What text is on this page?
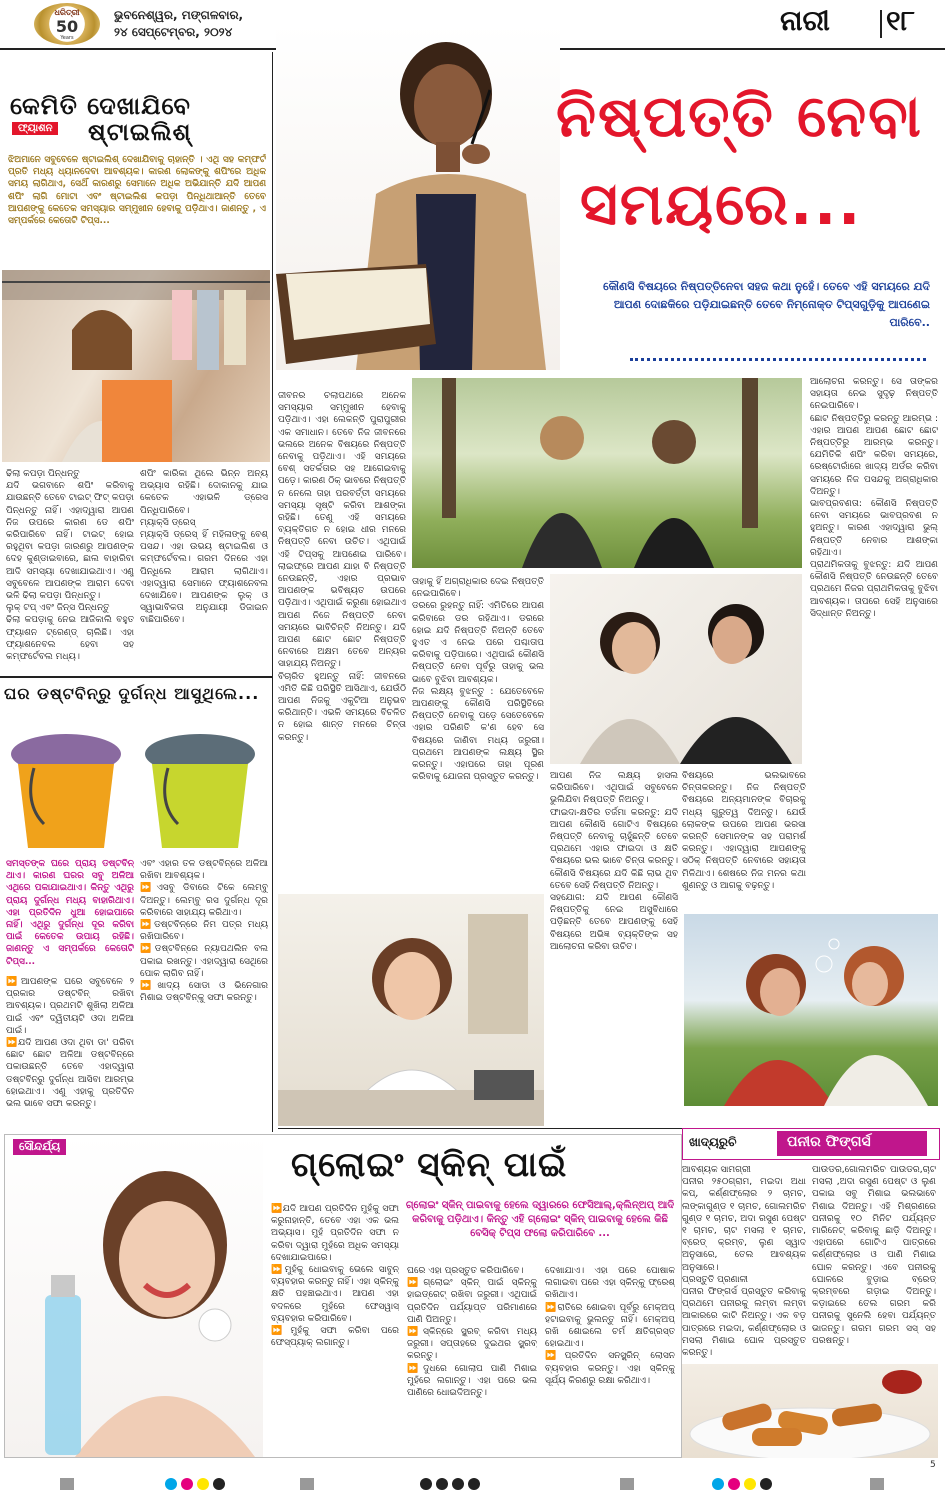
ଧରିତ୍ରୀ
50
Years
ଭୁବନେଶ୍ୱର, ମଙ୍ଗଳବାର,
୨୪ ସେପ୍ଟେମ୍ବର, ୨୦୨୪	ନାରୀ ୧୮
କେମିତି ଦେଖାଯିବେ
ଫ୍ୟାଶନ ଷ୍ଟାଇଲିଶ୍
ଝିଅମାନେ ସବୁବେଳେ ଷ୍ଟାଇଲିଶ୍ ଦେଖାଯିବାକୁ ଚାହାନ୍ତି । ଏଥି ସହ କମ୍ଫର୍ଟ ପ୍ରତି ମଧ୍ୟ ଧ୍ୟାନଦେବା ଆବଶ୍ୟକ। କାରଣ ଲୋକଙ୍କୁ ଶପିଂରେ ଅଧିକ ସମୟ ଲାଗିଥାଏ, ସେଥିଁ କାରଣରୁ ସେମାନେ ଅଧିକ ଅଭିଯାନ୍ତି ଯଦି ଆପଣ ଶପିଂ ଲାଗି ମୋଟା ଏବଂ ଷ୍ଟାଇଲିଶ କପଡ଼ା ପିନ୍ଧିଥାଆନ୍ତି ତେବେ ଆପଣଙ୍କୁ କେତେକ ସମସ୍ୟାର ସମ୍ମୁଖୀନ ହେବାକୁ ପଡ଼ିଥାଏ। ଜାଣନ୍ତୁ , ଏ ସମ୍ପର୍କରେ କେତୋଟି ଟିପ୍ସ...
ଢିଲା କପଡ଼ା ପିନ୍ଧନ୍ତୁ
ଯଦି ଭଗବାନେ ଶପିଂ କରିବାକୁ ଯାଉଛନ୍ତି ତେବେ ଟାଇଟ୍ ଫିଟ୍ କପଡ଼ା ପିନ୍ଧନ୍ତୁ ନାହିଁ। ଏହାଦ୍ୱାରା ଆପଣ ନିଜ ଉପରେ କାରଣ ଡେ ଶପିଂ କରିପାରିବେ ନାହିଁ। ଟାଇଟ୍ ହୋଇ ରହୁଥିବା କପଡ଼ା ଜାରଣରୁ ଆପଣଙ୍କ ଦେହ କୁଣ୍ଡାଇବାରେ, ଛାଲ ବାହାରିବା ଆଦି ସମସ୍ୟା ଦେଖାଯାଇଥାଏ। ଏଣୁ ସବୁବେଳେ ଆପଣଙ୍କ ଆରାମ ଦେବା ଭଳି ଢିଲା କପଡ଼ା ପିନ୍ଧନ୍ତୁ।
ଲୁକ୍ ଟପ୍ ଏବଂ ଜିନ୍ସ ପିନ୍ଧନ୍ତୁ
ଢିଲା କପଡ଼ାକୁ ନେଇ ଆଜିକାଲି ବହୁତ ଫ୍ୟାଶନ ଟ୍ରେଣ୍ଡ୍ ଚାଲିଛି। ଏହା ଫ୍ୟାଶନେବଲ ହେବା ସହ କମ୍ଫର୍ଟେବଲ ମଧ୍ୟ।
ଶପିଂ କାରିକା ଥିଲେ ଭିନ୍ନ ଅନ୍ୟ ଅଭ୍ୟାସ ରହିଛି। ଦୋକାନକୁ ଯାଇ କେତେକ ଏହାଭଳି ଡ୍ରେସ ପିନ୍ଧିପାରିବେ।
ମ୍ୟାକ୍ସି ଡ୍ରେସ୍
ମ୍ୟାକ୍ସି ଡ୍ରେସ୍ ହିଁ ମହିଳାଙ୍କୁ ବେଶ୍ ପସନ୍ଦ। ଏହା ଉଭୟ ଷ୍ଟାଇଲିଶ ଓ କମ୍ଫର୍ଟେବଲ। ଗରମ ଦିନରେ ଏହା ପିନ୍ଧିଲେ ଆରାମ ଲାଗିଥାଏ। ଏହାଦ୍ୱାରା ସେମାନେ ଫ୍ୟାଶନେବଲ ଦେଖାଯିବେ। ଆପଣଙ୍କ ଲୁକ୍ ଓ ସ୍ୱାଭାବିକତା ଅନୁଯାୟୀ ଡିଜାଇନ ବାଛିପାରିବେ।
ଘର ଡଷ୍ଟବିନ୍‌ରୁ ଦୁର୍ଗନ୍ଧ ଆସୁଥିଲେ...
ସମସ୍ତଙ୍କ ଘରେ ପ୍ରାୟ ଡଷ୍ଟବିନ୍ ଥାଏ। କାରଣ ଘରର ସବୁ ଅଳିଆ ଏଥିରେ ପକାଯାଇଥାଏ। କିନ୍ତୁ ଏଥିରୁ ପ୍ରାୟ ଦୁର୍ଗନ୍ଧ ମଧ୍ୟ ବାହାରିଥାଏ। ଏହା ପ୍ରତିଦିନ ଧୁଆ ହୋଇପାରେ ନାହିଁ। ଏଥିରୁ ଦୁର୍ଗନ୍ଧ ଦୂର କରିବା ପାଇଁ କେତେକ ଉପାୟ ରହିଛି। ଜାଣନ୍ତୁ ଏ ସମ୍ପର୍କରେ କେତୋଟି ଟିପ୍ସ...
⏩ଆପଣଙ୍କ ଘରେ ସବୁବେଳେ ୨ ପ୍ରକାର ଡଷ୍ଟବିନ୍ ରଖିବା ଆବଶ୍ୟକ। ପ୍ରଥମଟି ଶୁଖିଲା ଅଳିଆ ପାଇଁ ଏବଂ ଦ୍ୱିତୀୟଟି ଓଦା ଅଳିଆ ପାଇଁ।
⏩ଯଦି ଆପଣ ଓଦା ଥିବା ଡା' ପରିବା ଛୋଟ ଛୋଟ ଅଳିଆ ଡଷ୍ଟବିନ୍‌ରେ ପକାଉଛନ୍ତି ତେବେ ଏହାଦ୍ୱାରା ଡଷ୍ଟବିନ୍‌ରୁ ଦୁର୍ଗନ୍ଧ ଆସିବା ଆରମ୍ଭ ହୋଇଥାଏ। ଏଣୁ ଏହାକୁ ପ୍ରତିଦିନ ଭଲ ଭାବେ ସଫା କରନ୍ତୁ।
ଏବଂ ଏହାର ତଳ ଡଷ୍ଟବିନ୍‌ରେ ଅଳିଆ ରଖିବା ଆବଶ୍ୟକ।
⏩ଏସବୁ ଡିବାରେ ଟିକେ ଲେମ୍ବୁ ଦିଅନ୍ତୁ। ଲେମ୍ବୁ ରସ ଦୁର୍ଗନ୍ଧ ଦୂର କରିବାରେ ସାହାଯ୍ୟ କରିଥାଏ।
⏩ଡଷ୍ଟବିନ୍‌ରେ ନିମ ପତ୍ର ମଧ୍ୟ ରଖିପାରିବେ।
⏩ଡଷ୍ଟବିନ୍‌ରେ ନ୍ୟାପଥଲିନ ବଲ ପକାଇ ରଖନ୍ତୁ। ଏହାଦ୍ୱାରା ସେଥିରେ ପୋକ ଲାଗିବ ନାହିଁ।
⏩ଖାଦ୍ୟ ସୋଡା ଓ ଭିନେଗାର ମିଶାଇ ଡଷ୍ଟବିନ୍‌କୁ ସଫା କରନ୍ତୁ।
ନିଷ୍ପତ୍ତି ନେବା
ସମୟରେ...
କୌଣସି ବିଷୟରେ ନିଷ୍ପତ୍ତିନେବା ସହଜ କଥା ନୁହେଁ। ତେବେ ଏହି ସମୟରେ ଯଦି ଆପଣ ଦୋଛକିରେ ପଡ଼ିଯାଇଛନ୍ତି ତେବେ ନିମ୍ନୋକ୍ତ ଟିପ୍ସଗୁଡ଼ିକୁ ଆପଣେଇ ପାରିବେ..
ଜୀବନର ଚଲାପଥରେ ଅନେକ ସମସ୍ୟାର ସମ୍ମୁଖୀନ ହେବାକୁ ପଡ଼ିଥାଏ। ଏହା ଲେକନ୍ତି ପୁରାପୁରୀର ଏକ ସମାଧାନ। ତେବେ ନିଜ ଜୀବନରେ ଭଲରେ ଅନେକ ବିଷୟରେ ନିଷ୍ପତ୍ତି ନେବାକୁ ପଡ଼ିଥାଏ। ଏହି ସମୟରେ ବେଶ୍ ସତର୍କତାର ସହ ଆଗେଇବାକୁ ପଡ଼େ। କାରଣ ଠିକ୍ ଭାବରେ ନିଷ୍ପତ୍ତି ନ ନେଲେ ତାହା ପରବର୍ତ୍ତୀ ସମୟରେ ସମସ୍ୟା ସୃଷ୍ଟି କରିବା ଆଶଙ୍କା ରହିଛି। ତେଣୁ ଏହି ସମୟରେ ବ୍ୟକ୍ତିଗତ ନ ହୋଇ ଧୀର ମନରେ ନିଷ୍ପତ୍ତି ନେବା ଉଚିତ। ଏଥିପାଇଁ ଏହି ଟିପ୍ସକୁ ଆପଣେଇ ପାରିବେ। ଲାଇଫ୍‌ରେ ଆପଣ ଯାହା ବି ନିଷ୍ପତ୍ତି ନେଉଛନ୍ତି, ଏହାର ପ୍ରଭାବ ଆପଣଙ୍କ ଭବିଷ୍ୟତ ଉପରେ ପଡ଼ିଥାଏ। ଏଥିପାଇଁ କରୁଣା ହୋଇଥାଏ ଆପଣ ନିଜେ ନିଷ୍ପତ୍ତି ନେବା ସମୟରେ ଭାବିଚିନ୍ତି ନିଅନ୍ତୁ। ଯଦି ଆପଣ ଛୋଟ ଛୋଟ ନିଷ୍ପତ୍ତି ନେବାରେ ଅକ୍ଷମ ତେବେ ଅନ୍ୟର ସାହାଯ୍ୟ ନିଅନ୍ତୁ।
ବିଚାରିତ ହୁଅନ୍ତୁ ନାହିଁ: ଜୀବନରେ ଏମିତି କିଛି ପରିସ୍ଥିତି ଆସିଥାଏ, ଯେଉଁଠି ଆପଣ ନିଜକୁ ଏକୁଟିଆ ଅନୁଭବ କରିଥାନ୍ତି। ଏଭଳି ସମୟରେ ବିଚଳିତ ନ ହୋଇ ଶାନ୍ତ ମନରେ ଚିନ୍ତା କରନ୍ତୁ।
ତାହାକୁ ହିଁ ଅଗ୍ରାଧିକାର ଦେଇ ନିଷ୍ପତ୍ତି ନେଇପାରିବେ।
ଡରରେ ରୁହନ୍ତୁ ନାହିଁ: ଏମିତିରେ ଆପଣ କରିବାରେ ଡର ରହିଥାଏ। ଡରରେ ହୋଇ ଯଦି ନିଷ୍ପତ୍ତି ନିଅନ୍ତି ତେବେ ହୁଏତ ଏ ନେଇ ପରେ ପଶ୍ଚାତାପ କରିବାକୁ ପଡ଼ିପାରେ। ଏଥିପାଇଁ କୌଣସି ନିଷ୍ପତ୍ତି ନେବା ପୂର୍ବରୁ ତାହାକୁ ଭଲ ଭାବେ ବୁଝିବା ଆବଶ୍ୟକ।
ନିଜ ଲକ୍ଷ୍ୟ ବୁଝନ୍ତୁ : ଯେତେବେଳେ ଆପଣଙ୍କୁ କୌଣସି ପରିସ୍ଥିତିରେ ନିଷ୍ପତ୍ତି ନେବାକୁ ପଡ଼େ ସେତେବେଳେ ଏହାର ପରିଣତି କ'ଣ ହେବ ସେ ବିଷୟରେ ଜାଣିବା ମଧ୍ୟ ଜରୁରୀ। ପ୍ରଥମେ ଆପଣଙ୍କ ଲକ୍ଷ୍ୟ ସ୍ଥିର କରନ୍ତୁ। ଏହାପରେ ତାହା ପୂରଣ କରିବାକୁ ଯୋଜନା ପ୍ରସ୍ତୁତ କରନ୍ତୁ।	ଆପଣ ନିଜ ଲକ୍ଷ୍ୟ ହାସଲ କରିପାରିବେ। ଏଥିପାଇଁ ସବୁବେଳେ ଭୁଲିଯିବା ନିଷ୍ପତ୍ତି ନିଅନ୍ତୁ।
ଫାଇଦା-କ୍ଷତିର ତର୍ଜମା କରନ୍ତୁ: ଯଦି ଆପଣ କୌଣସି ଗୋଟିଏ ବିଷୟରେ ନିଷ୍ପତ୍ତି ନେବାକୁ ଚାହୁଁଛନ୍ତି ତେବେ ପ୍ରଥମେ ଏହାର ଫାଇଦା ଓ କ୍ଷତି ବିଷୟରେ ଭଲ ଭାବେ ଚିନ୍ତା କରନ୍ତୁ। କୌଣସି ବିଷୟରେ ଯଦି କିଛି ଲାଭ ଥିବ ତେବେ ସେହି ନିଷ୍ପତ୍ତି ନିଅନ୍ତୁ।
ସହଯୋଗ: ଯଦି ଆପଣ କୌଣସି ନିଷ୍ପତ୍ତିକୁ ନେଇ ଅସୁବିଧାରେ ପଡ଼ିଛନ୍ତି ତେବେ ଆପଣଙ୍କୁ ସେହି ବିଷୟରେ ଅଭିଜ୍ଞ ବ୍ୟକ୍ତିଙ୍କ ସହ ଆଲୋଚନା କରିବା ଉଚିତ।
ବିଷୟରେ ଭଲଭାବରେ ଚିନ୍ତାକରନ୍ତୁ। ନିଜ ନିଷ୍ପତ୍ତି ବିଷୟରେ ଅନ୍ୟମାନଙ୍କ ବିଚାରକୁ ମଧ୍ୟ ଗୁରୁତ୍ୱ ଦିଅନ୍ତୁ। ଯେଉଁ ଲୋକଙ୍କ ଉପରେ ଆପଣ ଭରସା କରନ୍ତି ସେମାନଙ୍କ ସହ ପରାମର୍ଶ କରନ୍ତୁ। ଏହାଦ୍ୱାରା ଆପଣଙ୍କୁ ସଠିକ୍ ନିଷ୍ପତ୍ତି ନେବାରେ ସହାୟତା ମିଳିଥାଏ। ଶେଷରେ ନିଜ ମନର କଥା ଶୁଣନ୍ତୁ ଓ ଆଗକୁ ବଢ଼ନ୍ତୁ।
ଆଲୋଚନା କରନ୍ତୁ। ସେ ତାଙ୍କର ସହାୟତା ନେଇ ସୁଦୃଢ଼ ନିଷ୍ପତ୍ତି ନେଇପାରିବେ।
ଛୋଟ ନିଷ୍ପତ୍ତିରୁ କରନ୍ତୁ ଆରମ୍ଭ : ଏହାର ଆପଣ ଆପଣ ଛୋଟ ଛୋଟ ନିଷ୍ପତ୍ତିରୁ ଆରମ୍ଭ କରନ୍ତୁ। ଯେମିତିକି ଶପିଂ କରିବା ସମୟରେ, ରେଷ୍ଟୋରାଁରେ ଖାଦ୍ୟ ଅର୍ଡର କରିବା ସମୟରେ ନିଜ ପସନ୍ଦକୁ ଅଗ୍ରାଧିକାର ଦିଅନ୍ତୁ।
ଭାବପ୍ରବଣତା: କୌଣସି ନିଷ୍ପତ୍ତି ନେବା ସମୟରେ ଭାବପ୍ରବଣ ନ ହୁଅନ୍ତୁ। କାରଣ ଏହାଦ୍ୱାରା ଭୁଲ୍ ନିଷ୍ପତ୍ତି ନେବାର ଆଶଙ୍କା ରହିଥାଏ।
ପ୍ରାଥମିକତାକୁ ବୁଝନ୍ତୁ: ଯଦି ଆପଣ କୌଣସି ନିଷ୍ପତ୍ତି ନେଉଛନ୍ତି ତେବେ ପ୍ରଥମେ ନିଜର ପ୍ରାଥମିକତାକୁ ବୁଝିବା ଆବଶ୍ୟକ। ତାପରେ ସେହି ଅନୁସାରେ ସିଦ୍ଧାନ୍ତ ନିଅନ୍ତୁ।
ସୌନ୍ଦର୍ଯ୍ୟ	ଗ୍ଲୋଇଂ ସ୍କିନ୍ ପାଇଁ
ଗ୍ଲୋଇଂ ସ୍କିନ୍ ପାଇବାକୁ ହେଲେ ଦ୍ୱାରରେ ଫେସିଆଲ୍,କ୍ଲିନ୍‌ଅପ୍ ଆଦି କରିବାକୁ ପଡ଼ିଥାଏ। କିନ୍ତୁ ଏହି ଗ୍ଲୋଇଂ ସ୍କିନ୍ ପାଇବାକୁ ହେଲେ କିଛି ବେସିକ୍ ଟିପ୍ସ ଫଲୋ କରିପାରିବେ ...
⏩ଯଦି ଆପଣ ପ୍ରତିଦିନ ମୁହଁକୁ ସଫା କରୁନାହାନ୍ତି, ତେବେ ଏହା ଏକ ଭଲ ଅଭ୍ୟାସ। ମୁହଁ ପ୍ରତିଦିନ ସଫା ନ କରିବା ଦ୍ୱାରା ମୁହଁରେ ଅଧିକ ସମସ୍ୟା ଦେଖାଯାଇପାରେ।
⏩ମୁହଁକୁ ଧୋଇବାକୁ ଭେଲେ ସାବୁନ୍ ବ୍ୟବହାର କରନ୍ତୁ ନାହିଁ। ଏହା ସ୍କିନ୍‌କୁ କ୍ଷତି ପହଞ୍ଚାଇଥାଏ। ଆପଣ ଏହା ବଦଳରେ ମୁହଁରେ ଫେସୱାସ୍ ବ୍ୟବହାର କରିପାରିବେ।
⏩ମୁହଁକୁ ସଫା କରିବା ପରେ ଫେସ୍‌ପ୍ୟାକ୍ ଲଗାନ୍ତୁ।
ଘରେ ଏହା ପ୍ରସ୍ତୁତ କରିପାରିବେ।
⏩ଗ୍ଲୋଇଂ ସ୍କିନ୍ ପାଇଁ ସ୍କିନ୍‌କୁ ହାଇଡ୍ରେଟ୍ ରଖିବା ଜରୁରୀ। ଏଥିପାଇଁ ପ୍ରତିଦିନ ପର୍ଯ୍ୟାପ୍ତ ପରିମାଣରେ ପାଣି ପିଅନ୍ତୁ।
⏩ସ୍କିନ୍‌ରେ ସ୍କ୍ରବ୍ କରିବା ମଧ୍ୟ ଜରୁରୀ। ସପ୍ତାହରେ ଦୁଇଥର ସ୍କ୍ରବ୍ କରନ୍ତୁ।
⏩ଦୁଧରେ ଗୋଲାପ ପାଣି ମିଶାଇ ମୁହଁରେ ଲଗାନ୍ତୁ। ଏହା ପରେ ଭଲ ପାଣିରେ ଧୋଇଦିଅନ୍ତୁ।
ଦେଖାଯାଏ। ଏହା ପରେ ପୋଷାକ ଲଗାଇବା ପରେ ଏହା ସ୍କିନ୍‌କୁ ଫ୍ରେଶ୍ ରଖିଥାଏ।
⏩ରାତିରେ ଶୋଇବା ପୂର୍ବରୁ ମେକ୍‌ଅପ୍ ହଟାଇବାକୁ ଭୁଲନ୍ତୁ ନାହିଁ। ମେକ୍‌ଅପ୍ ରଖି ଶୋଇଲେ ଚର୍ମ କ୍ଷତିଗ୍ରସ୍ତ ହୋଇଥାଏ।
⏩ପ୍ରତିଦିନ ସନସ୍କ୍ରିନ୍ ଲୋସନ ବ୍ୟବହାର କରନ୍ତୁ। ଏହା ସ୍କିନ୍‌କୁ ସୂର୍ଯ୍ୟ କିରଣରୁ ରକ୍ଷା କରିଥାଏ।
ଖାଦ୍ୟରୁଚି	ପନୀର ଫିଙ୍ଗର୍ସ
ଆବଶ୍ୟକ ସାମଗ୍ରୀ
ପନୀର ୨୫୦ଗ୍ରାମ, ମଇଦା ଅଧା କପ୍, କର୍ଣ୍ଣଫ୍ଲୋର ୨ ଚାମଚ, ଲଙ୍କାଗୁଣ୍ଡ ୧ ଚାମଚ, ଗୋଲମରିଚ ଗୁଣ୍ଡ ୧ ଚାମଚ, ଅଦା ରସୁଣ ପେଷ୍ଟ ୧ ଚାମଚ, ଚାଟ ମସଲା ୧ ଚାମଚ, ବ୍ରେଡ୍ କ୍ରମ୍ବ, ଲୁଣ ସ୍ୱାଦ ଅନୁସାରେ, ତେଲ ଆବଶ୍ୟକ ଅନୁସାରେ।
ପ୍ରସ୍ତୁତି ପ୍ରଣାଳୀ
ପନୀର ଫିଙ୍ଗର୍ସ ପ୍ରସ୍ତୁତ କରିବାକୁ ପ୍ରଥମେ ପନୀରକୁ ଲମ୍ବା ଲମ୍ବା ଆକାରରେ କାଟି ନିଅନ୍ତୁ। ଏକ ବଡ଼ ପାତ୍ରରେ ମଇଦା, କର୍ଣ୍ଣଫ୍ଲୋର ଓ ମସଲା ମିଶାଇ ଘୋଳ ପ୍ରସ୍ତୁତ କରନ୍ତୁ।
ପାଉଡର,ଗୋଲମରିଚ ପାଉଡର,ଚାଟ ମସଲା ,ଅଦା ରସୁଣ ପେଷ୍ଟ ଓ ଲୁଣ ପକାଇ ସବୁ ମିଶାଇ ଭଲଭାବେ ମିଶାଇ ଦିଅନ୍ତୁ। ଏହି ମିଶ୍ରଣରେ ପନୀରକୁ ୧୦ ମିନିଟ ପର୍ଯ୍ୟନ୍ତ ମାରିନେଟ୍ କରିବାକୁ ଛାଡ଼ି ଦିଅନ୍ତୁ। ଏହାପରେ ଗୋଟିଏ ପାତ୍ରରେ କର୍ଣ୍ଣଫ୍ଲୋର ଓ ପାଣି ମିଶାଇ ଘୋଳ କରନ୍ତୁ। ଏବେ ପନୀରକୁ ଘୋଳରେ ବୁଡ଼ାଇ ବ୍ରେଡ୍ କ୍ରମ୍ବରେ ଗଡ଼ାଇ ଦିଅନ୍ତୁ। କଡ଼ାଇରେ ତେଲ ଗରମ କରି ପନୀରକୁ ସୁନେଲି ହେବା ପର୍ଯ୍ୟନ୍ତ ଭାଜନ୍ତୁ। ଗରମ ଗରମ ସସ୍ ସହ ପରଷନ୍ତୁ।
5
